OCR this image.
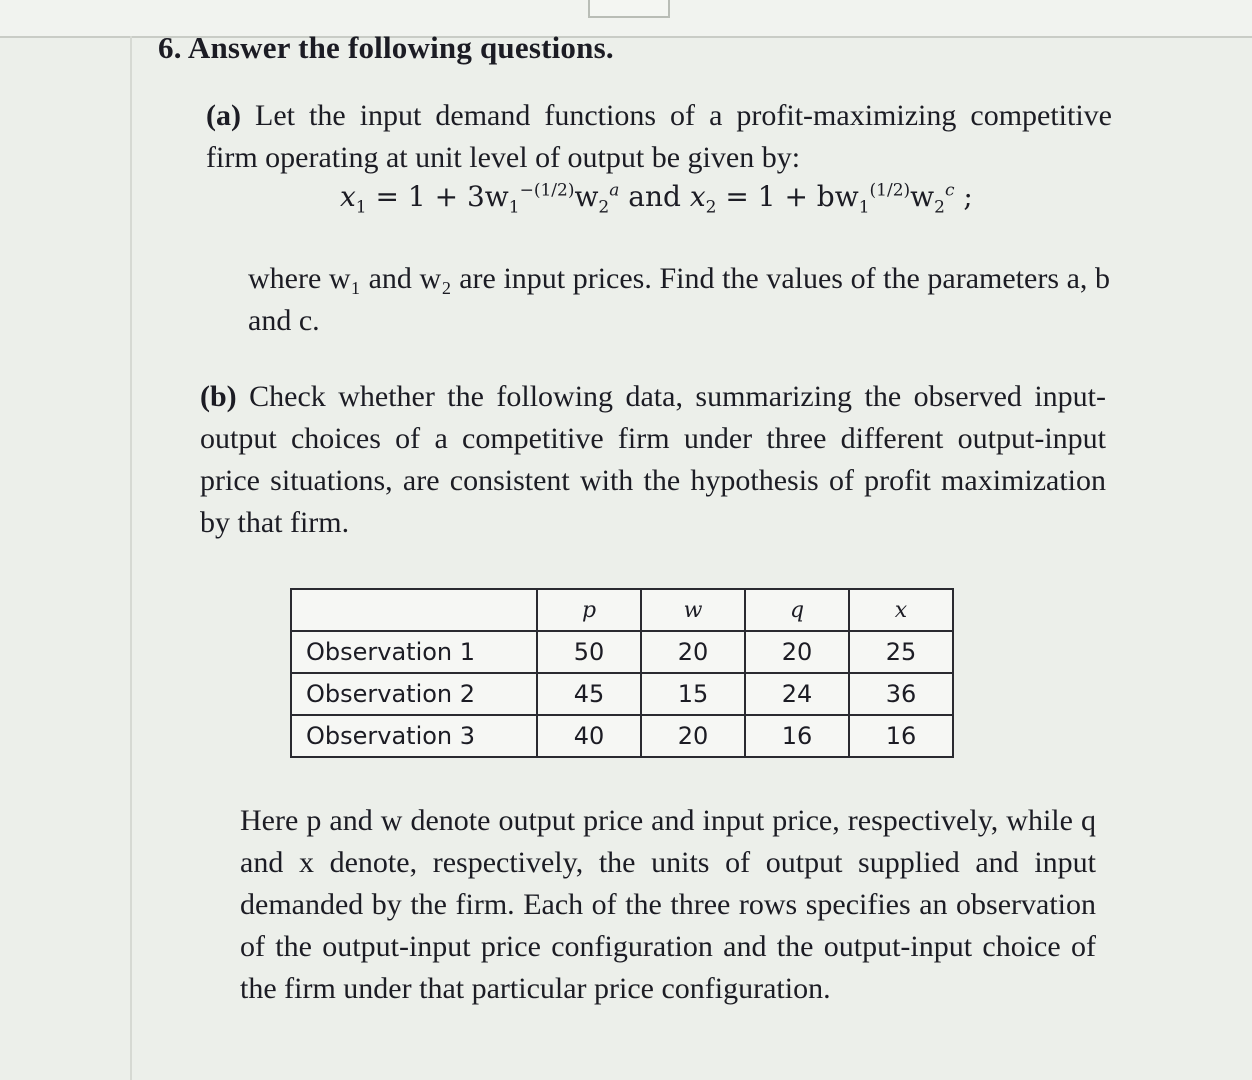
6. Answer the following questions.
(a) Let the input demand functions of a profit-maximizing competitive firm operating at unit level of output be given by:
$x_1 = 1 + 3w_1^{-(1/2)}w_2^a$ and $x_2 = 1 + bw_1^{(1/2)}w_2^c$ ;
where w₁ and w₂ are input prices. Find the values of the parameters a, b and c.
(b) Check whether the following data, summarizing the observed input-output choices of a competitive firm under three different output-input price situations, are consistent with the hypothesis of profit maximization by that firm.
	p	w	q	x
Observation 1	50	20	20	25
Observation 2	45	15	24	36
Observation 3	40	20	16	16
Here p and w denote output price and input price, respectively, while q and x denote, respectively, the units of output supplied and input demanded by the firm. Each of the three rows specifies an observation of the output-input price configuration and the output-input choice of the firm under that particular price configuration.
